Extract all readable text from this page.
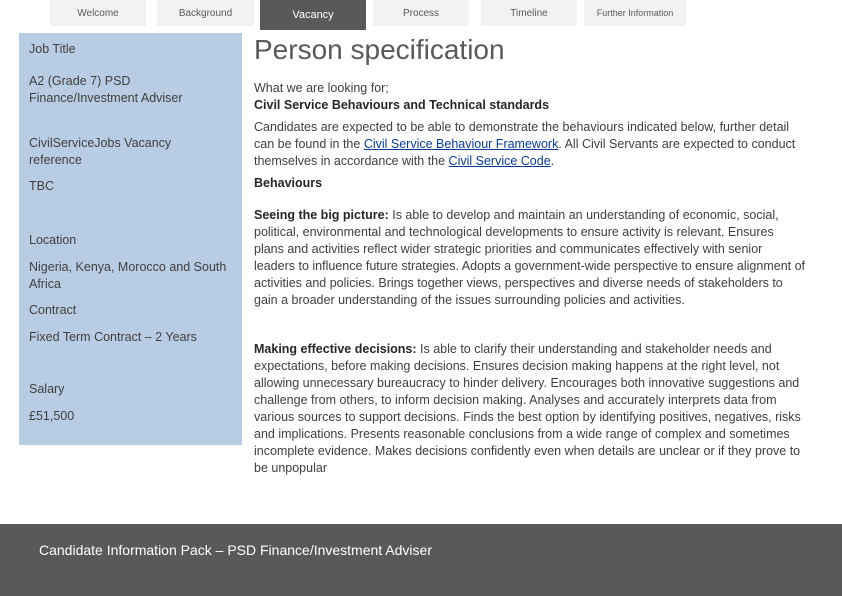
Welcome	Background	Vacancy	Process	Timeline	Further Information
Job Title
A2 (Grade 7) PSD Finance/Investment Adviser
CivilServiceJobs Vacancy reference
TBC
Location
Nigeria, Kenya, Morocco and South Africa
Contract
Fixed Term Contract – 2 Years
Salary
£51,500
Person specification
What we are looking for;
Civil Service Behaviours and Technical standards
Candidates are expected to be able to demonstrate the behaviours indicated below, further detail can be found in the Civil Service Behaviour Framework. All Civil Servants are expected to conduct themselves in accordance with the Civil Service Code.
Behaviours
Seeing the big picture: Is able to develop and maintain an understanding of economic, social, political, environmental and technological developments to ensure activity is relevant. Ensures plans and activities reflect wider strategic priorities and communicates effectively with senior leaders to influence future strategies. Adopts a government-wide perspective to ensure alignment of activities and policies. Brings together views, perspectives and diverse needs of stakeholders to gain a broader understanding of the issues surrounding policies and activities.
Making effective decisions: Is able to clarify their understanding and stakeholder needs and expectations, before making decisions. Ensures decision making happens at the right level, not allowing unnecessary bureaucracy to hinder delivery. Encourages both innovative suggestions and challenge from others, to inform decision making. Analyses and accurately interprets data from various sources to support decisions. Finds the best option by identifying positives, negatives, risks and implications. Presents reasonable conclusions from a wide range of complex and sometimes incomplete evidence. Makes decisions confidently even when details are unclear or if they prove to be unpopular
Candidate Information Pack – PSD Finance/Investment Adviser
